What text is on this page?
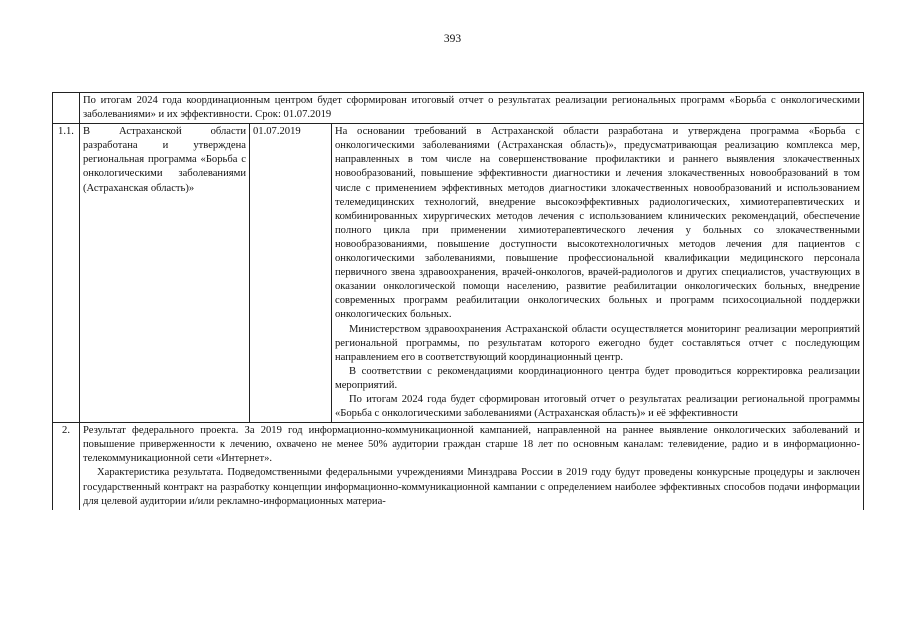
393

По итогам 2024 года координационным центром будет сформирован итоговый отчет о результатах реализации региональных программ «Борьба с онкологическими заболеваниями» и их эффективности. Срок: 01.07.2019

1.1. В Астраханской области разработана и утверждена региональная программа «Борьба с онкологическими заболеваниями (Астраханская область)»
01.07.2019	На основании требований в Астраханской области разработана и утверждена программа «Борьба с онкологическими заболеваниями (Астраханская область)», предусматривающая реализацию комплекса мер, направленных в том числе на совершенствование профилактики и раннего выявления злокачественных новообразований, повышение эффективности диагностики и лечения злокачественных новообразований в том числе с применением эффективных методов диагностики злокачественных новообразований и использованием телемедицинских технологий, внедрение высокоэффективных радиологических, химиотерапевтических и комбинированных хирургических методов лечения с использованием клинических рекомендаций, обеспечение полного цикла при применении химиотерапевтического лечения у больных со злокачественными новообразованиями, повышение доступности высокотехнологичных методов лечения для пациентов с онкологическими заболеваниями, повышение профессиональной квалификации медицинского персонала первичного звена здравоохранения, врачей-онкологов, врачей-радиологов и других специалистов, участвующих в оказании онкологической помощи населению, развитие реабилитации онкологических больных, внедрение современных программ реабилитации онкологических больных и программ психосоциальной поддержки онкологических больных.

Министерством здравоохранения Астраханской области осуществляется мониторинг реализации мероприятий региональной программы, по результатам которого ежегодно будет составляться отчет с последующим направлением его в соответствующий координационный центр.

В соответствии с рекомендациями координационного центра будет проводиться корректировка реализации мероприятий.

По итогам 2024 года будет сформирован итоговый отчет о результатах реализации региональной программы «Борьба с онкологическими заболеваниями (Астраханская область)» и её эффективности

2.	Результат федерального проекта. За 2019 год информационно-коммуникационной кампанией, направленной на раннее выявление онкологических заболеваний и повышение приверженности к лечению, охвачено не менее 50% аудитории граждан старше 18 лет по основным каналам: телевидение, радио и в информационно-телекоммуникационной сети «Интернет».

Характеристика результата. Подведомственными федеральными учреждениями Минздрава России в 2019 году будут проведены конкурсные процедуры и заключен государственный контракт на разработку концепции информационно-коммуникационной кампании с определением наиболее эффективных способов подачи информации для целевой аудитории и/или рекламно-информационных материа-
